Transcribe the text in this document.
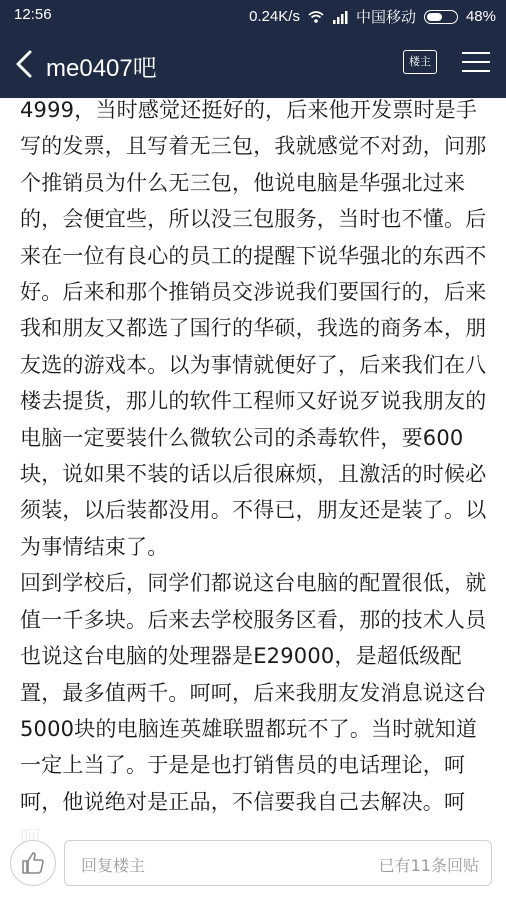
12:56	0.24K/s	中国移动	48%
me0407吧	楼主

4999，当时感觉还挺好的，后来他开发票时是手写的发票，且写着无三包，我就感觉不对劲，问那个推销员为什么无三包，他说电脑是华强北过来的，会便宜些，所以没三包服务，当时也不懂。后来在一位有良心的员工的提醒下说华强北的东西不好。后来和那个推销员交涉说我们要国行的，后来我和朋友又都选了国行的华硕，我选的商务本，朋友选的游戏本。以为事情就便好了，后来我们在八楼去提货，那儿的软件工程师又好说歹说我朋友的电脑一定要装什么微软公司的杀毒软件，要600块，说如果不装的话以后很麻烦，且激活的时候必须装，以后装都没用。不得已，朋友还是装了。以为事情结束了。

回到学校后，同学们都说这台电脑的配置很低，就值一千多块。后来去学校服务区看，那的技术人员也说这台电脑的处理器是E29000，是超低级配置，最多值两千。呵呵，后来我朋友发消息说这台5000块的电脑连英雄联盟都玩不了。当时就知道一定上当了。于是是也打销售员的电话理论，呵呵，他说绝对是正品，不信要我自己去解决。呵

回复楼主	已有11条回贴
